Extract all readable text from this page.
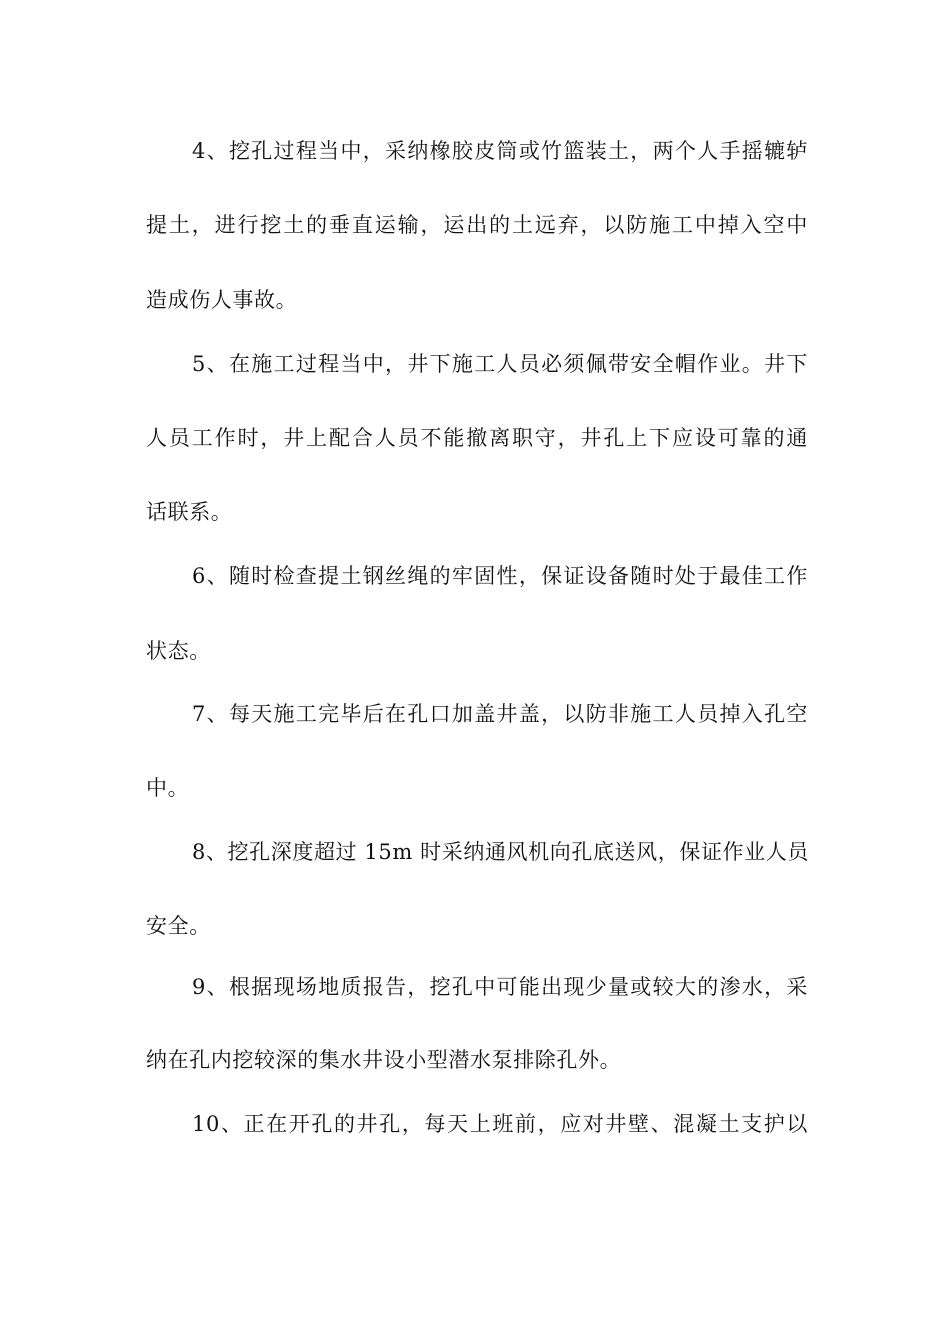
4、挖孔过程当中，采纳橡胶皮筒或竹篮装土，两个人手摇辘轳
提土，进行挖土的垂直运输，运出的土远弃，以防施工中掉入空中
造成伤人事故。
5、在施工过程当中，井下施工人员必须佩带安全帽作业。井下
人员工作时，井上配合人员不能撤离职守，井孔上下应设可靠的通
话联系。
6、随时检查提土钢丝绳的牢固性，保证设备随时处于最佳工作
状态。
7、每天施工完毕后在孔口加盖井盖，以防非施工人员掉入孔空
中。
8、挖孔深度超过 15m 时采纳通风机向孔底送风，保证作业人员
安全。
9、根据现场地质报告，挖孔中可能出现少量或较大的渗水，采
纳在孔内挖较深的集水井设小型潜水泵排除孔外。
10、正在开孔的井孔，每天上班前，应对井壁、混凝土支护以
